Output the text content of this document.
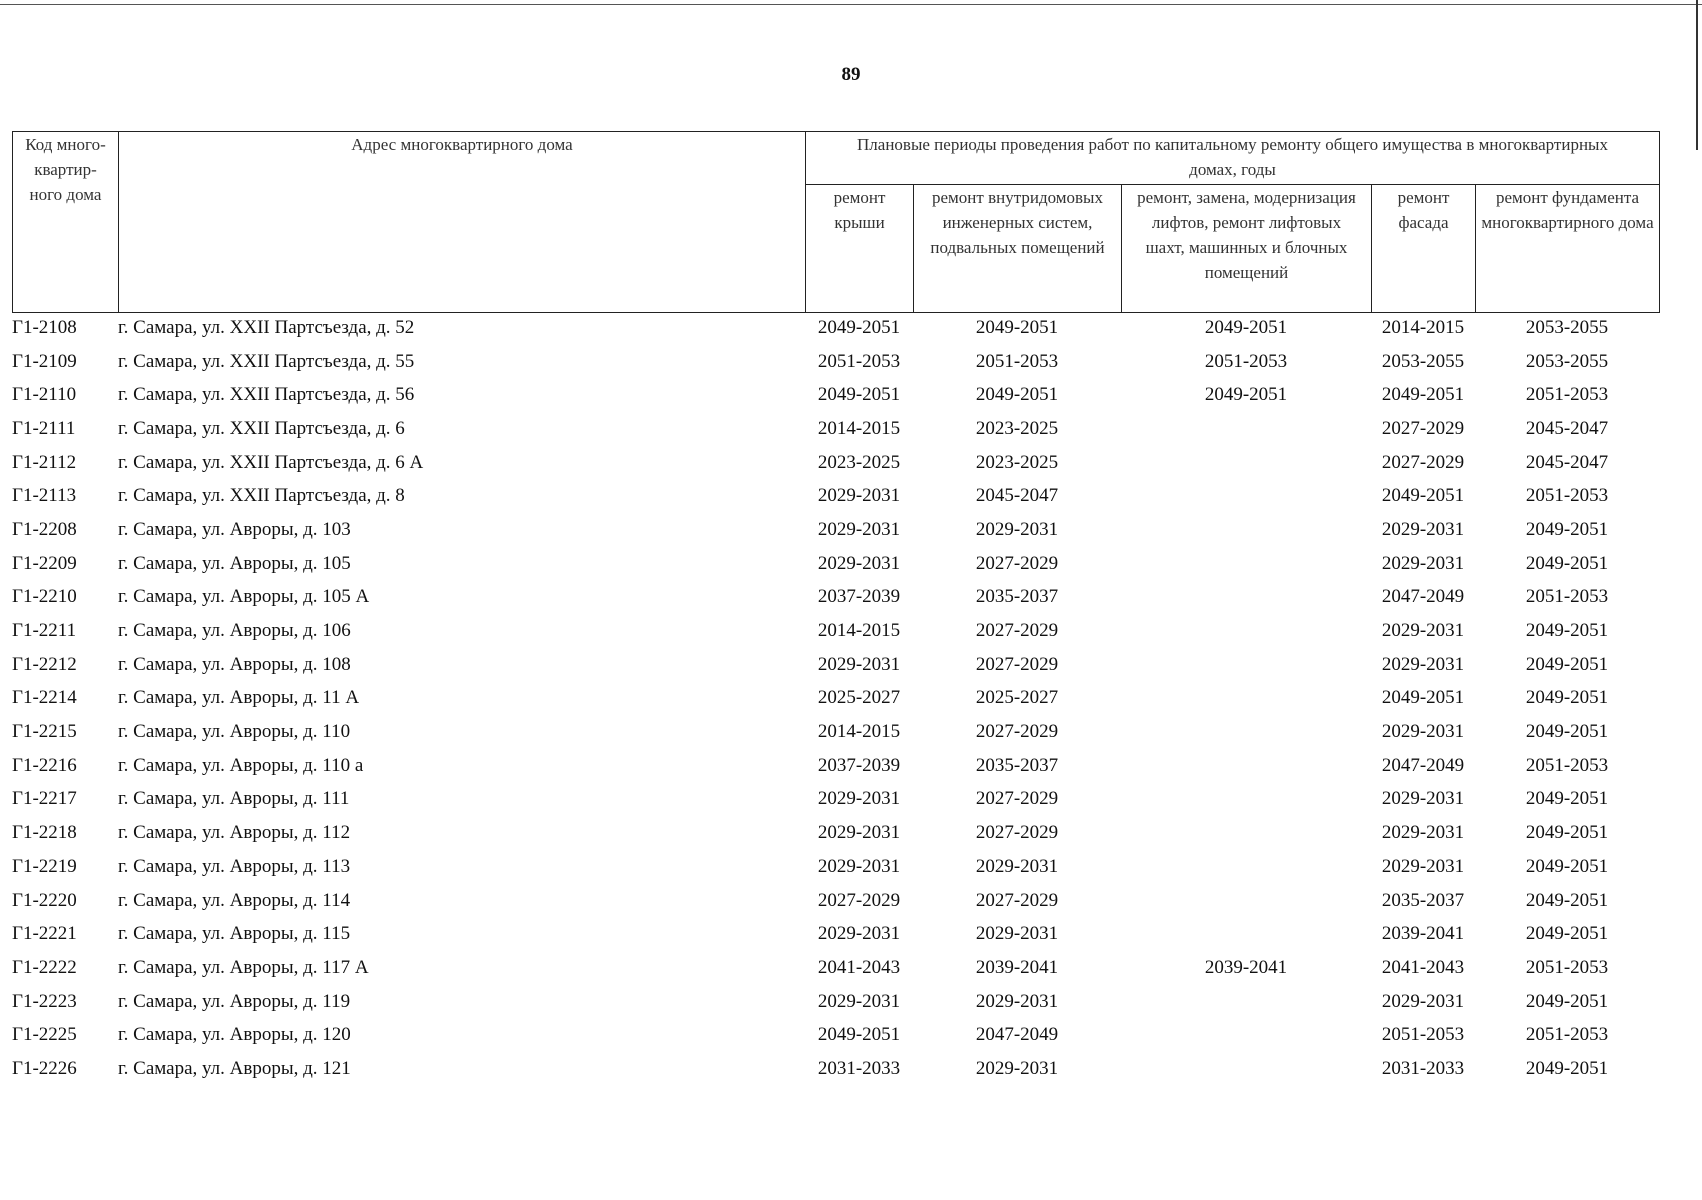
89
Код много-
квартир-
ного дома	Адрес многоквартирного дома	Плановые периоды проведения работ по капитальному ремонту общего имущества в многоквартирных домах, годы				
		ремонт крыши	ремонт внутридомовых инженерных систем, подвальных помещений	ремонт, замена, модернизация лифтов, ремонт лифтовых шахт, машинных и блочных помещений	ремонт фасада	ремонт фундамента многоквартирного дома
Г1-2108	г. Самара, ул. XXII Партсъезда, д. 52	2049-2051	2049-2051	2049-2051	2014-2015	2053-2055
Г1-2109	г. Самара, ул. XXII Партсъезда, д. 55	2051-2053	2051-2053	2051-2053	2053-2055	2053-2055
Г1-2110	г. Самара, ул. XXII Партсъезда, д. 56	2049-2051	2049-2051	2049-2051	2049-2051	2051-2053
Г1-2111	г. Самара, ул. XXII Партсъезда, д. 6	2014-2015	2023-2025		2027-2029	2045-2047
Г1-2112	г. Самара, ул. XXII Партсъезда, д. 6 А	2023-2025	2023-2025		2027-2029	2045-2047
Г1-2113	г. Самара, ул. XXII Партсъезда, д. 8	2029-2031	2045-2047		2049-2051	2051-2053
Г1-2208	г. Самара, ул. Авроры, д. 103	2029-2031	2029-2031		2029-2031	2049-2051
Г1-2209	г. Самара, ул. Авроры, д. 105	2029-2031	2027-2029		2029-2031	2049-2051
Г1-2210	г. Самара, ул. Авроры, д. 105 А	2037-2039	2035-2037		2047-2049	2051-2053
Г1-2211	г. Самара, ул. Авроры, д. 106	2014-2015	2027-2029		2029-2031	2049-2051
Г1-2212	г. Самара, ул. Авроры, д. 108	2029-2031	2027-2029		2029-2031	2049-2051
Г1-2214	г. Самара, ул. Авроры, д. 11 А	2025-2027	2025-2027		2049-2051	2049-2051
Г1-2215	г. Самара, ул. Авроры, д. 110	2014-2015	2027-2029		2029-2031	2049-2051
Г1-2216	г. Самара, ул. Авроры, д. 110 а	2037-2039	2035-2037		2047-2049	2051-2053
Г1-2217	г. Самара, ул. Авроры, д. 111	2029-2031	2027-2029		2029-2031	2049-2051
Г1-2218	г. Самара, ул. Авроры, д. 112	2029-2031	2027-2029		2029-2031	2049-2051
Г1-2219	г. Самара, ул. Авроры, д. 113	2029-2031	2029-2031		2029-2031	2049-2051
Г1-2220	г. Самара, ул. Авроры, д. 114	2027-2029	2027-2029		2035-2037	2049-2051
Г1-2221	г. Самара, ул. Авроры, д. 115	2029-2031	2029-2031		2039-2041	2049-2051
Г1-2222	г. Самара, ул. Авроры, д. 117 А	2041-2043	2039-2041	2039-2041	2041-2043	2051-2053
Г1-2223	г. Самара, ул. Авроры, д. 119	2029-2031	2029-2031		2029-2031	2049-2051
Г1-2225	г. Самара, ул. Авроры, д. 120	2049-2051	2047-2049		2051-2053	2051-2053
Г1-2226	г. Самара, ул. Авроры, д. 121	2031-2033	2029-2031		2031-2033	2049-2051
